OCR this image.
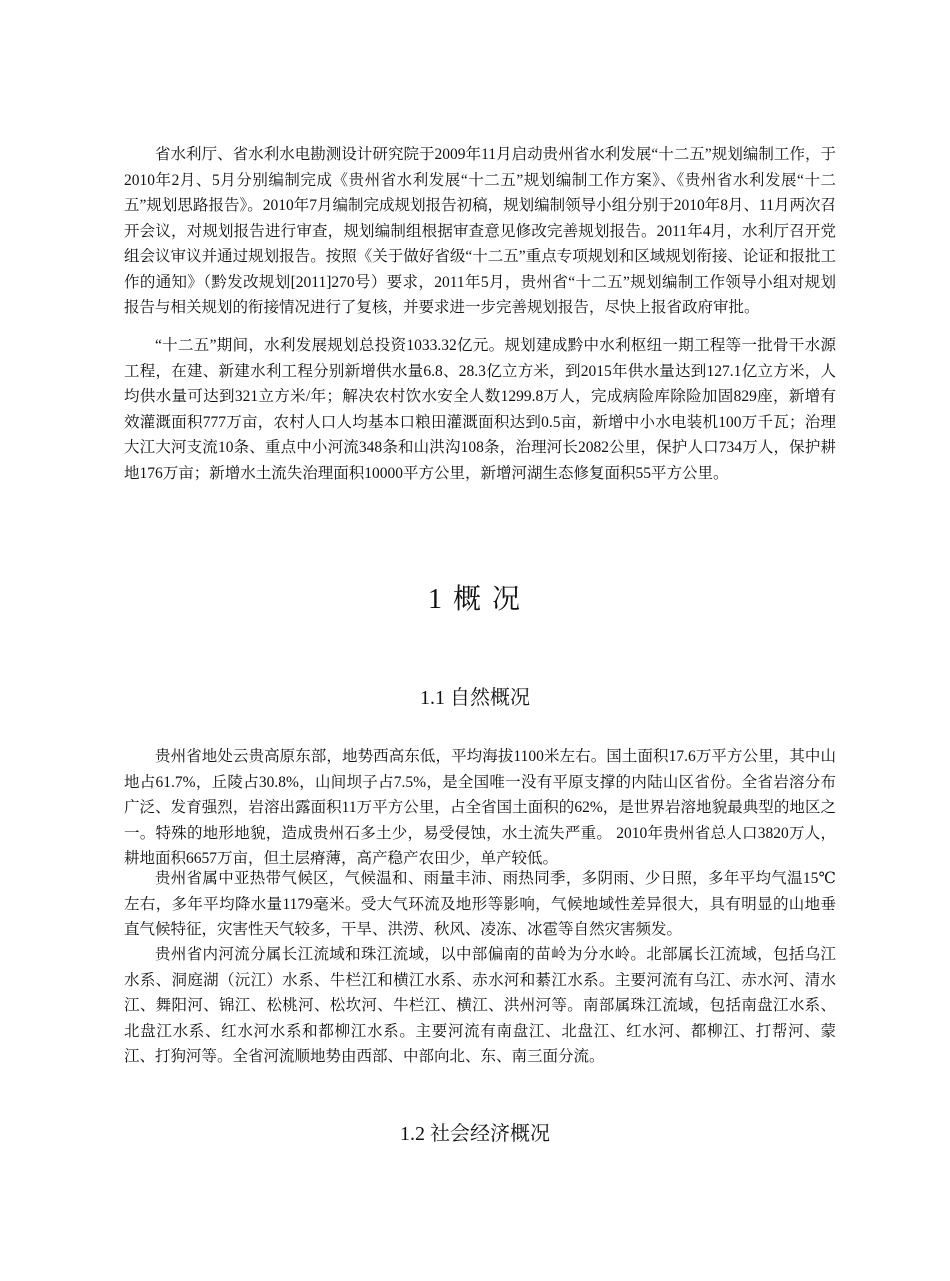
省水利厅、省水利水电勘测设计研究院于2009年11月启动贵州省水利发展“十二五”规划编制工作，于2010年2月、5月分别编制完成《贵州省水利发展“十二五”规划编制工作方案》、《贵州省水利发展“十二五”规划思路报告》。2010年7月编制完成规划报告初稿，规划编制领导小组分别于2010年8月、11月两次召开会议，对规划报告进行审查，规划编制组根据审查意见修改完善规划报告。2011年4月，水利厅召开党组会议审议并通过规划报告。按照《关于做好省级“十二五”重点专项规划和区域规划衔接、论证和报批工作的通知》（黔发改规划[2011]270号）要求，2011年5月，贵州省“十二五”规划编制工作领导小组对规划报告与相关规划的衔接情况进行了复核，并要求进一步完善规划报告，尽快上报省政府审批。

“十二五”期间，水利发展规划总投资1033.32亿元。规划建成黔中水利枢纽一期工程等一批骨干水源工程，在建、新建水利工程分别新增供水量6.8、28.3亿立方米，到2015年供水量达到127.1亿立方米，人均供水量可达到321立方米/年；解决农村饮水安全人数1299.8万人，完成病险库除险加固829座，新增有效灌溉面积777万亩，农村人口人均基本口粮田灌溉面积达到0.5亩，新增中小水电装机100万千瓦；治理大江大河支流10条、重点中小河流348条和山洪沟108条，治理河长2082公里，保护人口734万人，保护耕地176万亩；新增水土流失治理面积10000平方公里，新增河湖生态修复面积55平方公里。

1 概 况
1.1 自然概况

贵州省地处云贵高原东部，地势西高东低，平均海拔1100米左右。国土面积17.6万平方公里，其中山地占61.7%，丘陵占30.8%，山间坝子占7.5%，是全国唯一没有平原支撑的内陆山区省份。全省岩溶分布广泛、发育强烈，岩溶出露面积11万平方公里，占全省国土面积的62%，是世界岩溶地貌最典型的地区之一。特殊的地形地貌，造成贵州石多土少，易受侵蚀，水土流失严重。 2010年贵州省总人口3820万人，耕地面积6657万亩，但土层瘠薄，高产稳产农田少，单产较低。

贵州省属中亚热带气候区，气候温和、雨量丰沛、雨热同季，多阴雨、少日照，多年平均气温15℃左右，多年平均降水量1179毫米。受大气环流及地形等影响，气候地域性差异很大，具有明显的山地垂直气候特征，灾害性天气较多，干旱、洪涝、秋风、凌冻、冰雹等自然灾害频发。

贵州省内河流分属长江流域和珠江流域，以中部偏南的苗岭为分水岭。北部属长江流域，包括乌江水系、洞庭湖（沅江）水系、牛栏江和横江水系、赤水河和綦江水系。主要河流有乌江、赤水河、清水江、舞阳河、锦江、松桃河、松坎河、牛栏江、横江、洪州河等。南部属珠江流域，包括南盘江水系、北盘江水系、红水河水系和都柳江水系。主要河流有南盘江、北盘江、红水河、都柳江、打帮河、蒙江、打狗河等。全省河流顺地势由西部、中部向北、东、南三面分流。

1.2 社会经济概况
